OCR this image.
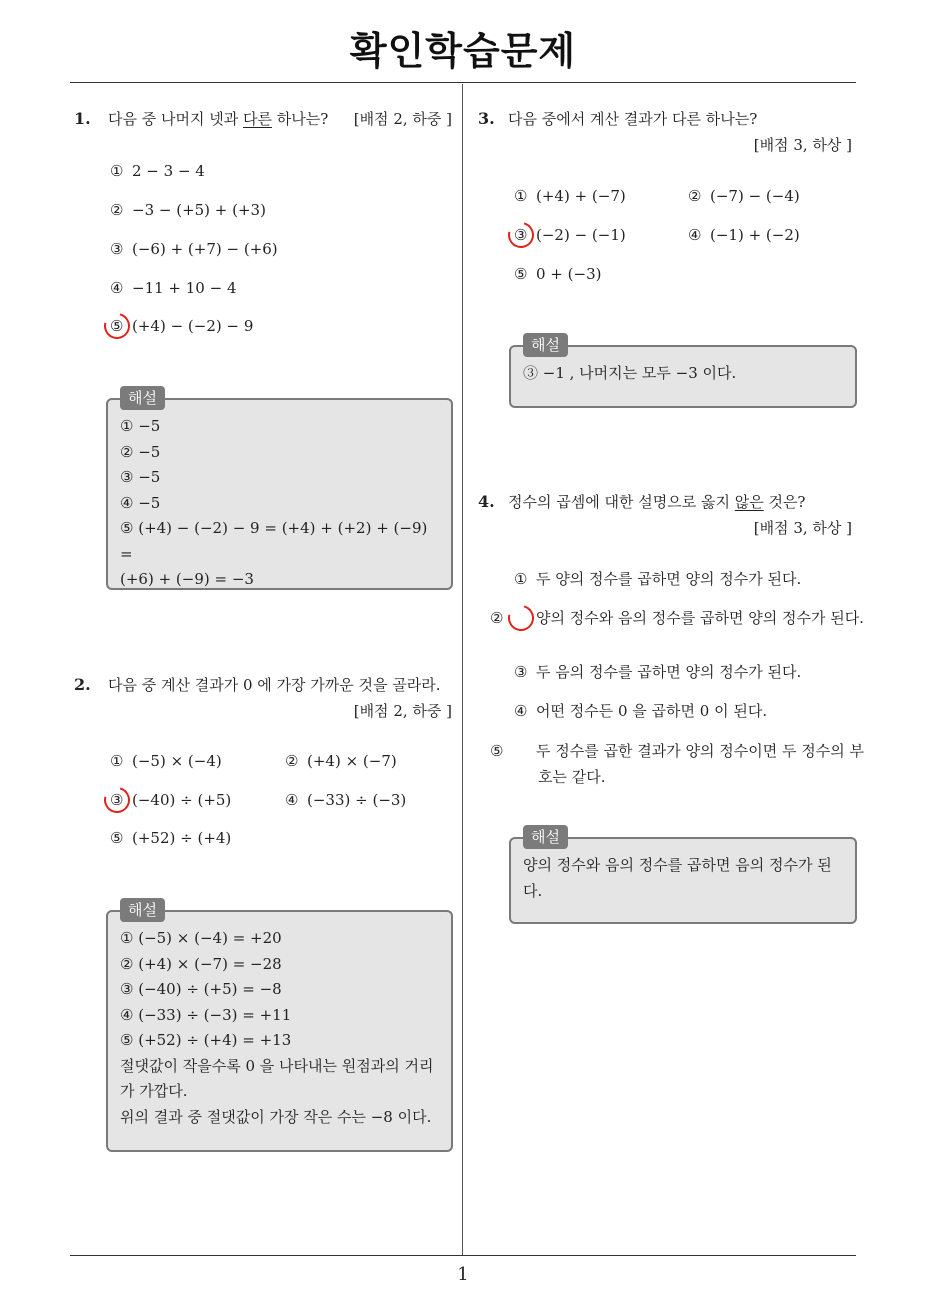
확인학습문제
1. 다음 중 나머지 넷과 다른 하나는? [배점 2, 하중 ]
① 2 − 3 − 4
② −3 − (+5) + (+3)
③ (−6) + (+7) − (+6)
④ −11 + 10 − 4
⑤ (+4) − (−2) − 9
해설
① −5
② −5
③ −5
④ −5
⑤ (+4) − (−2) − 9 = (+4) + (+2) + (−9) =
(+6) + (−9) = −3
2. 다음 중 계산 결과가 0 에 가장 가까운 것을 골라라.
[배점 2, 하중 ]
① (−5) × (−4)	② (+4) × (−7)
③ (−40) ÷ (+5)	④ (−33) ÷ (−3)
⑤ (+52) ÷ (+4)
해설
① (−5) × (−4) = +20
② (+4) × (−7) = −28
③ (−40) ÷ (+5) = −8
④ (−33) ÷ (−3) = +11
⑤ (+52) ÷ (+4) = +13
절댓값이 작을수록 0 을 나타내는 원점과의 거리
가 가깝다.
위의 결과 중 절댓값이 가장 작은 수는 −8 이다.
3. 다음 중에서 계산 결과가 다른 하나는?
[배점 3, 하상 ]
① (+4) + (−7)	② (−7) − (−4)
③ (−2) − (−1)	④ (−1) + (−2)
⑤ 0 + (−3)
해설
③ −1 , 나머지는 모두 −3 이다.
4. 정수의 곱셈에 대한 설명으로 옳지 않은 것은?
[배점 3, 하상 ]
① 두 양의 정수를 곱하면 양의 정수가 된다.
② 양의 정수와 음의 정수를 곱하면 양의 정수가 된다.
③ 두 음의 정수를 곱하면 양의 정수가 된다.
④ 어떤 정수든 0 을 곱하면 0 이 된다.
⑤ 두 정수를 곱한 결과가 양의 정수이면 두 정수의 부호는 같다.
해설
양의 정수와 음의 정수를 곱하면 음의 정수가 된
다.
1
